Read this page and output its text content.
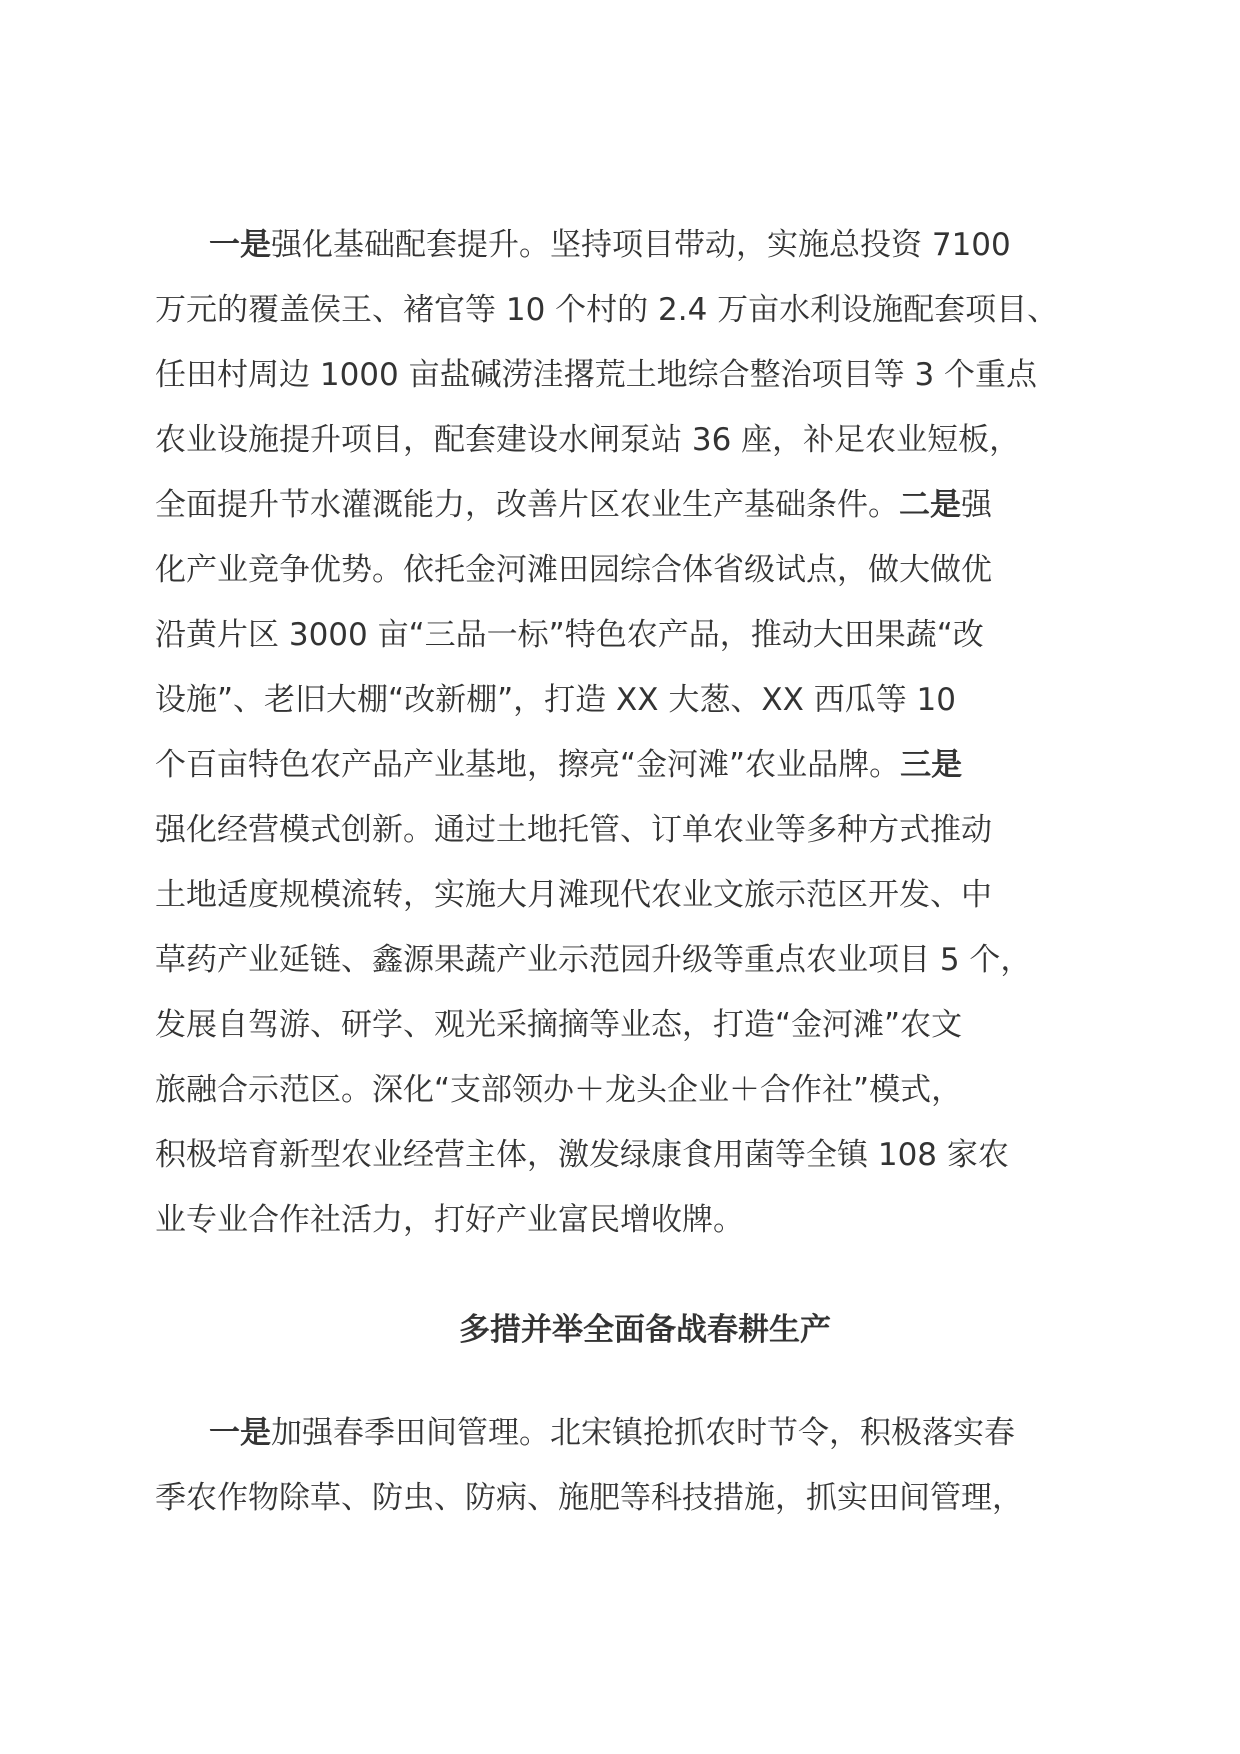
一是强化基础配套提升。坚持项目带动，实施总投资 7100
万元的覆盖侯王、褚官等 10 个村的 2.4 万亩水利设施配套项目、
任田村周边 1000 亩盐碱涝洼撂荒土地综合整治项目等 3 个重点
农业设施提升项目，配套建设水闸泵站 36 座，补足农业短板，
全面提升节水灌溉能力，改善片区农业生产基础条件。二是强
化产业竞争优势。依托金河滩田园综合体省级试点，做大做优
沿黄片区 3000 亩“三品一标”特色农产品，推动大田果蔬“改
设施”、老旧大棚“改新棚”，打造 XX 大葱、XX 西瓜等 10
个百亩特色农产品产业基地，擦亮“金河滩”农业品牌。三是
强化经营模式创新。通过土地托管、订单农业等多种方式推动
土地适度规模流转，实施大月滩现代农业文旅示范区开发、中
草药产业延链、鑫源果蔬产业示范园升级等重点农业项目 5 个，
发展自驾游、研学、观光采摘摘等业态，打造“金河滩”农文
旅融合示范区。深化“支部领办＋龙头企业＋合作社”模式，
积极培育新型农业经营主体，激发绿康食用菌等全镇 108 家农
业专业合作社活力，打好产业富民增收牌。
多措并举全面备战春耕生产
一是加强春季田间管理。北宋镇抢抓农时节令，积极落实春
季农作物除草、防虫、防病、施肥等科技措施，抓实田间管理，
